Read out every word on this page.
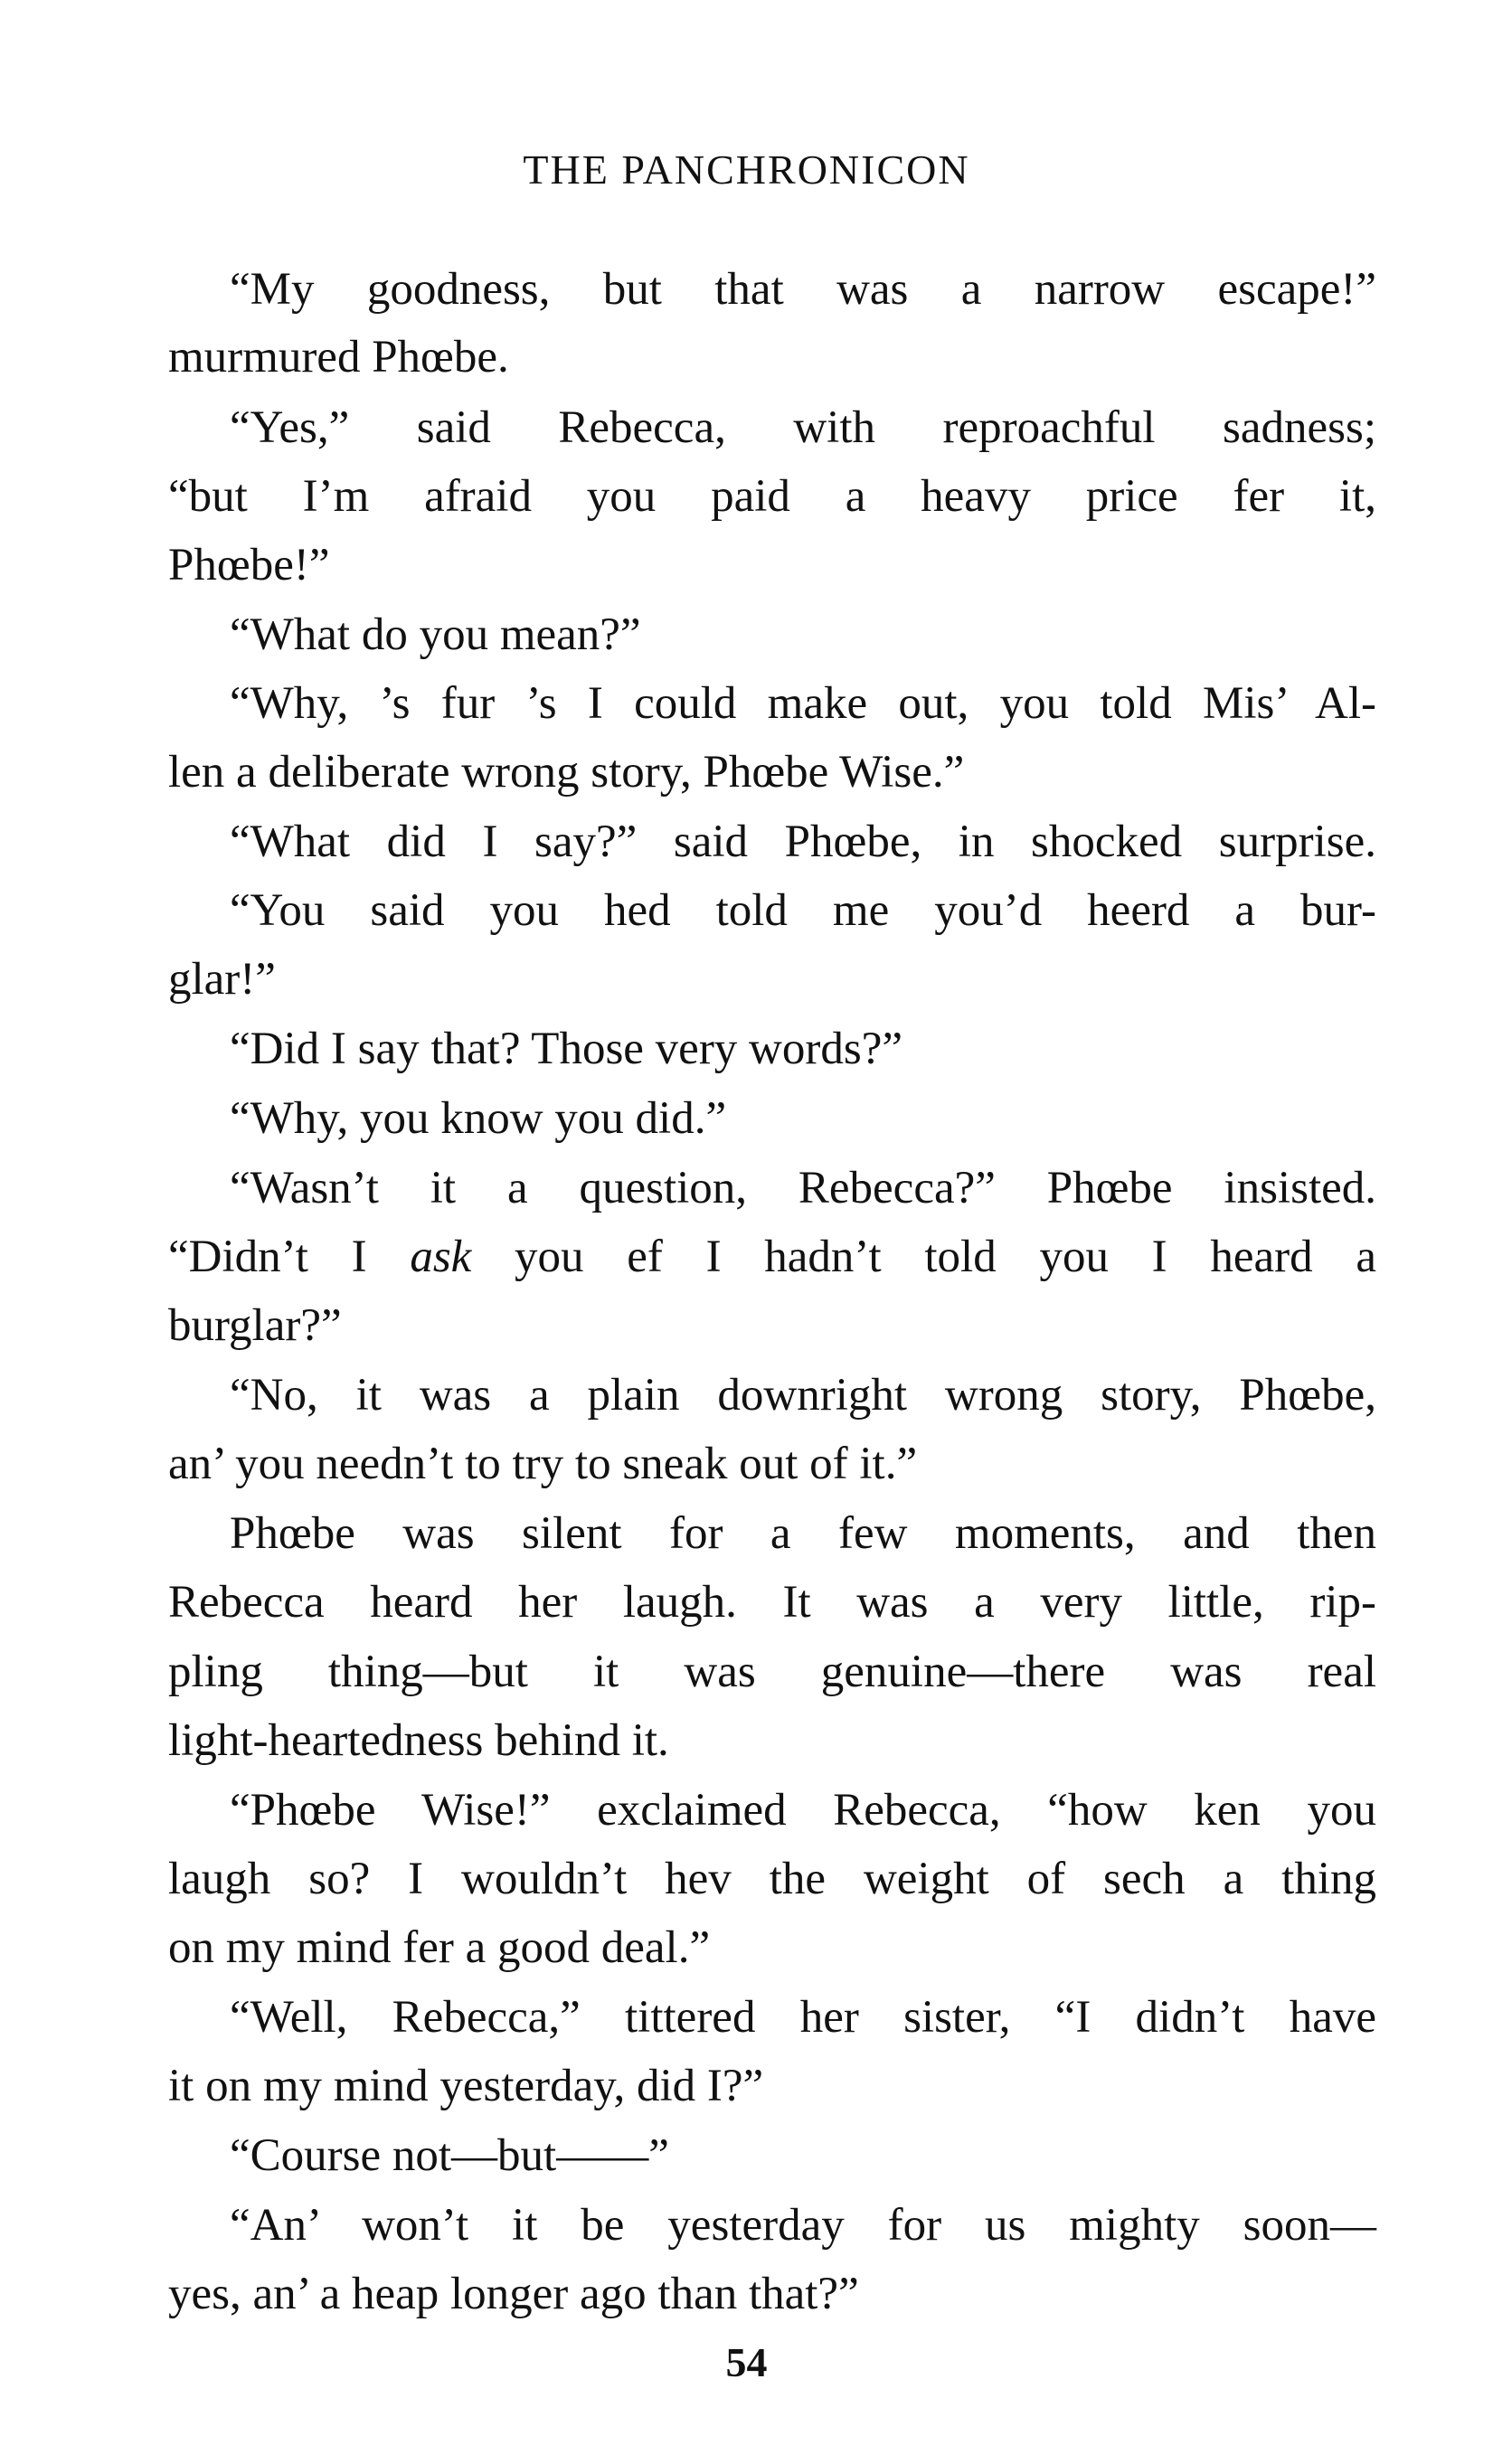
THE PANCHRONICON
“My goodness, but that was a narrow escape!”
murmured Phœbe.
“Yes,” said Rebecca, with reproachful sadness;
“but I’m afraid you paid a heavy price fer it,
Phœbe!”
“What do you mean?”
“Why, ’s fur ’s I could make out, you told Mis’ Al-
len a deliberate wrong story, Phœbe Wise.”
“What did I say?” said Phœbe, in shocked surprise.
“You said you hed told me you’d heerd a bur-
glar!”
“Did I say that? Those very words?”
“Why, you know you did.”
“Wasn’t it a question, Rebecca?” Phœbe insisted.
“Didn’t I ask you ef I hadn’t told you I heard a
burglar?”
“No, it was a plain downright wrong story, Phœbe,
an’ you needn’t to try to sneak out of it.”
Phœbe was silent for a few moments, and then
Rebecca heard her laugh. It was a very little, rip-
pling thing—but it was genuine—there was real
light-heartedness behind it.
“Phœbe Wise!” exclaimed Rebecca, “how ken you
laugh so? I wouldn’t hev the weight of sech a thing
on my mind fer a good deal.”
“Well, Rebecca,” tittered her sister, “I didn’t have
it on my mind yesterday, did I?”
“Course not—but——”
“An’ won’t it be yesterday for us mighty soon—
yes, an’ a heap longer ago than that?”
54
